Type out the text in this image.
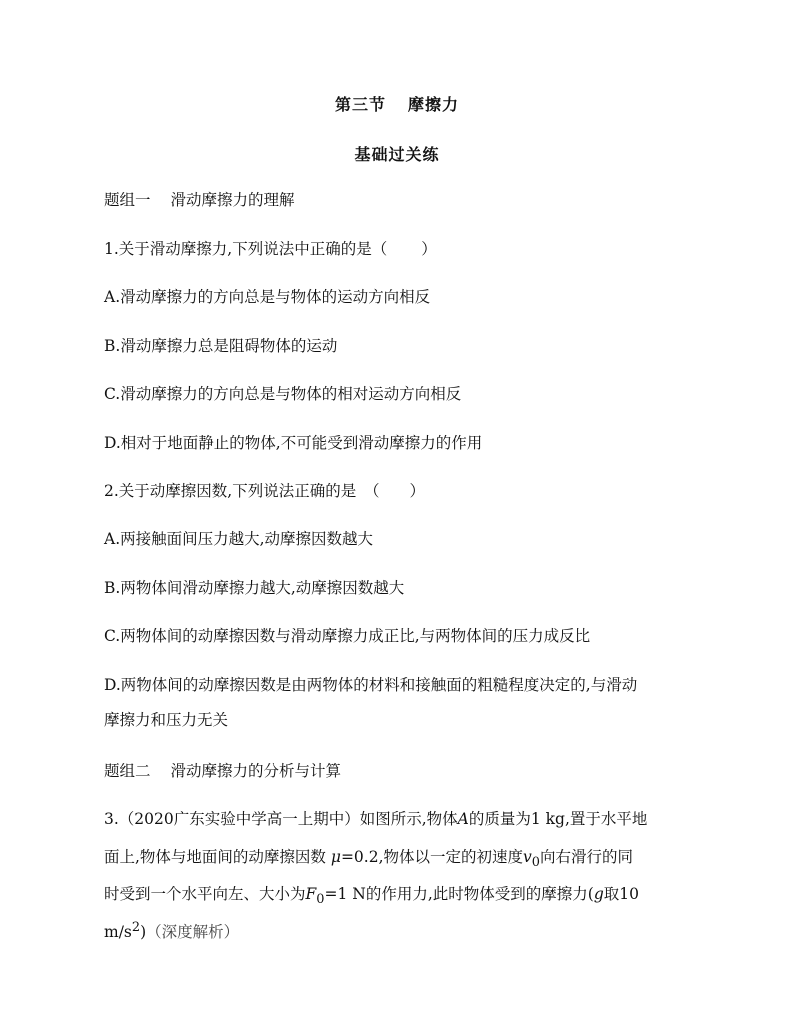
第三节 摩擦力
基础过关练
题组一 滑动摩擦力的理解
1.关于滑动摩擦力,下列说法中正确的是（ ）
A.滑动摩擦力的方向总是与物体的运动方向相反
B.滑动摩擦力总是阻碍物体的运动
C.滑动摩擦力的方向总是与物体的相对运动方向相反
D.相对于地面静止的物体,不可能受到滑动摩擦力的作用
2.关于动摩擦因数,下列说法正确的是　（ ）
A.两接触面间压力越大,动摩擦因数越大
B.两物体间滑动摩擦力越大,动摩擦因数越大
C.两物体间的动摩擦因数与滑动摩擦力成正比,与两物体间的压力成反比
D.两物体间的动摩擦因数是由两物体的材料和接触面的粗糙程度决定的,与滑动
摩擦力和压力无关
题组二 滑动摩擦力的分析与计算
3.（2020广东实验中学高一上期中）如图所示,物体A的质量为1 kg,置于水平地
面上,物体与地面间的动摩擦因数 μ=0.2,物体以一定的初速度$v_0$向右滑行的同
时受到一个水平向左、大小为$F_0=1$ N的作用力,此时物体受到的摩擦力(g取10
$m/s^2$)（深度解析）
